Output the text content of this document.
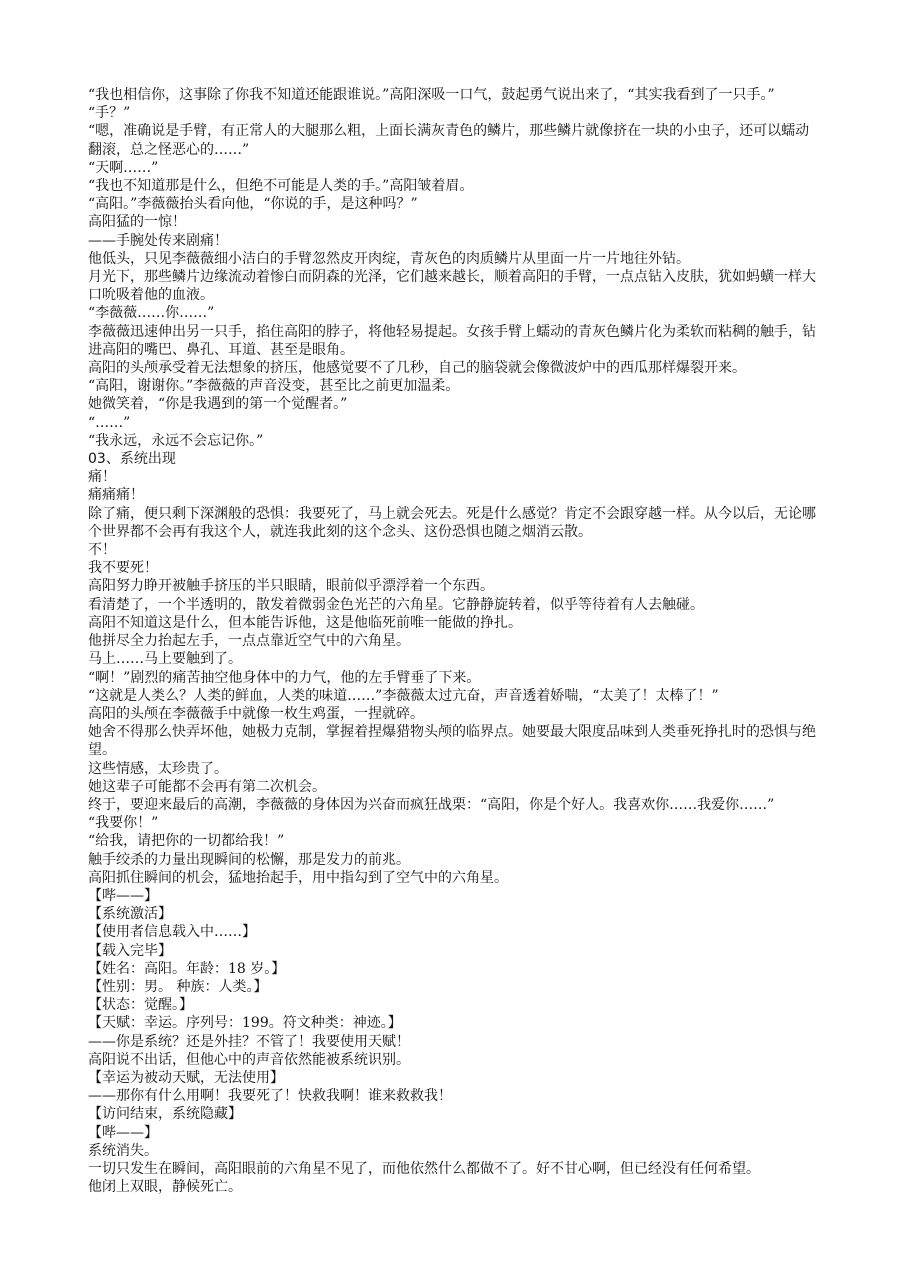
“我也相信你，这事除了你我不知道还能跟谁说。”高阳深吸一口气，鼓起勇气说出来了，“其实我看到了一只手。”

“手？”

“嗯，准确说是手臂，有正常人的大腿那么粗，上面长满灰青色的鳞片，那些鳞片就像挤在一块的小虫子，还可以蠕动翻滚，总之怪恶心的……”

“天啊……”

“我也不知道那是什么，但绝不可能是人类的手。”高阳皱着眉。

“高阳。”李薇薇抬头看向他，“你说的手，是这种吗？”

高阳猛的一惊！

——手腕处传来剧痛！

他低头，只见李薇薇细小洁白的手臂忽然皮开肉绽，青灰色的肉质鳞片从里面一片一片地往外钻。

月光下，那些鳞片边缘流动着惨白而阴森的光泽，它们越来越长，顺着高阳的手臂，一点点钻入皮肤，犹如蚂蟥一样大口吮吸着他的血液。

“李薇薇……你……”

李薇薇迅速伸出另一只手，掐住高阳的脖子，将他轻易提起。女孩手臂上蠕动的青灰色鳞片化为柔软而粘稠的触手，钻进高阳的嘴巴、鼻孔、耳道、甚至是眼角。

高阳的头颅承受着无法想象的挤压，他感觉要不了几秒，自己的脑袋就会像微波炉中的西瓜那样爆裂开来。

“高阳，谢谢你。”李薇薇的声音没变，甚至比之前更加温柔。

她微笑着，“你是我遇到的第一个觉醒者。”

“……”

“我永远，永远不会忘记你。”

03、系统出现

痛！

痛痛痛！

除了痛，便只剩下深渊般的恐惧：我要死了，马上就会死去。死是什么感觉？肯定不会跟穿越一样。从今以后，无论哪个世界都不会再有我这个人，就连我此刻的这个念头、这份恐惧也随之烟消云散。

不！

我不要死！

高阳努力睁开被触手挤压的半只眼睛，眼前似乎漂浮着一个东西。

看清楚了，一个半透明的，散发着微弱金色光芒的六角星。它静静旋转着，似乎等待着有人去触碰。

高阳不知道这是什么，但本能告诉他，这是他临死前唯一能做的挣扎。

他拼尽全力抬起左手，一点点靠近空气中的六角星。

马上……马上要触到了。

“啊！”剧烈的痛苦抽空他身体中的力气，他的左手臂垂了下来。

“这就是人类么？人类的鲜血，人类的味道……”李薇薇太过亢奋，声音透着娇喘，“太美了！太棒了！”

高阳的头颅在李薇薇手中就像一枚生鸡蛋，一捏就碎。

她舍不得那么快弄坏他，她极力克制，掌握着捏爆猎物头颅的临界点。她要最大限度品味到人类垂死挣扎时的恐惧与绝望。

这些情感，太珍贵了。

她这辈子可能都不会再有第二次机会。

终于，要迎来最后的高潮，李薇薇的身体因为兴奋而疯狂战栗：“高阳，你是个好人。我喜欢你……我爱你……”

“我要你！”

“给我，请把你的一切都给我！”

触手绞杀的力量出现瞬间的松懈，那是发力的前兆。

高阳抓住瞬间的机会，猛地抬起手，用中指勾到了空气中的六角星。

【哔——】

【系统激活】

【使用者信息载入中……】

【载入完毕】

【姓名：高阳。年龄：18 岁。】

【性别：男。 种族：人类。】

【状态：觉醒。】

【天赋：幸运。序列号：199。符文种类：神迹。】

——你是系统？还是外挂？不管了！我要使用天赋！

高阳说不出话，但他心中的声音依然能被系统识别。

【幸运为被动天赋，无法使用】

——那你有什么用啊！我要死了！快救我啊！谁来救救我！

【访问结束，系统隐藏】

【哔——】

系统消失。

一切只发生在瞬间，高阳眼前的六角星不见了，而他依然什么都做不了。好不甘心啊，但已经没有任何希望。

他闭上双眼，静候死亡。
